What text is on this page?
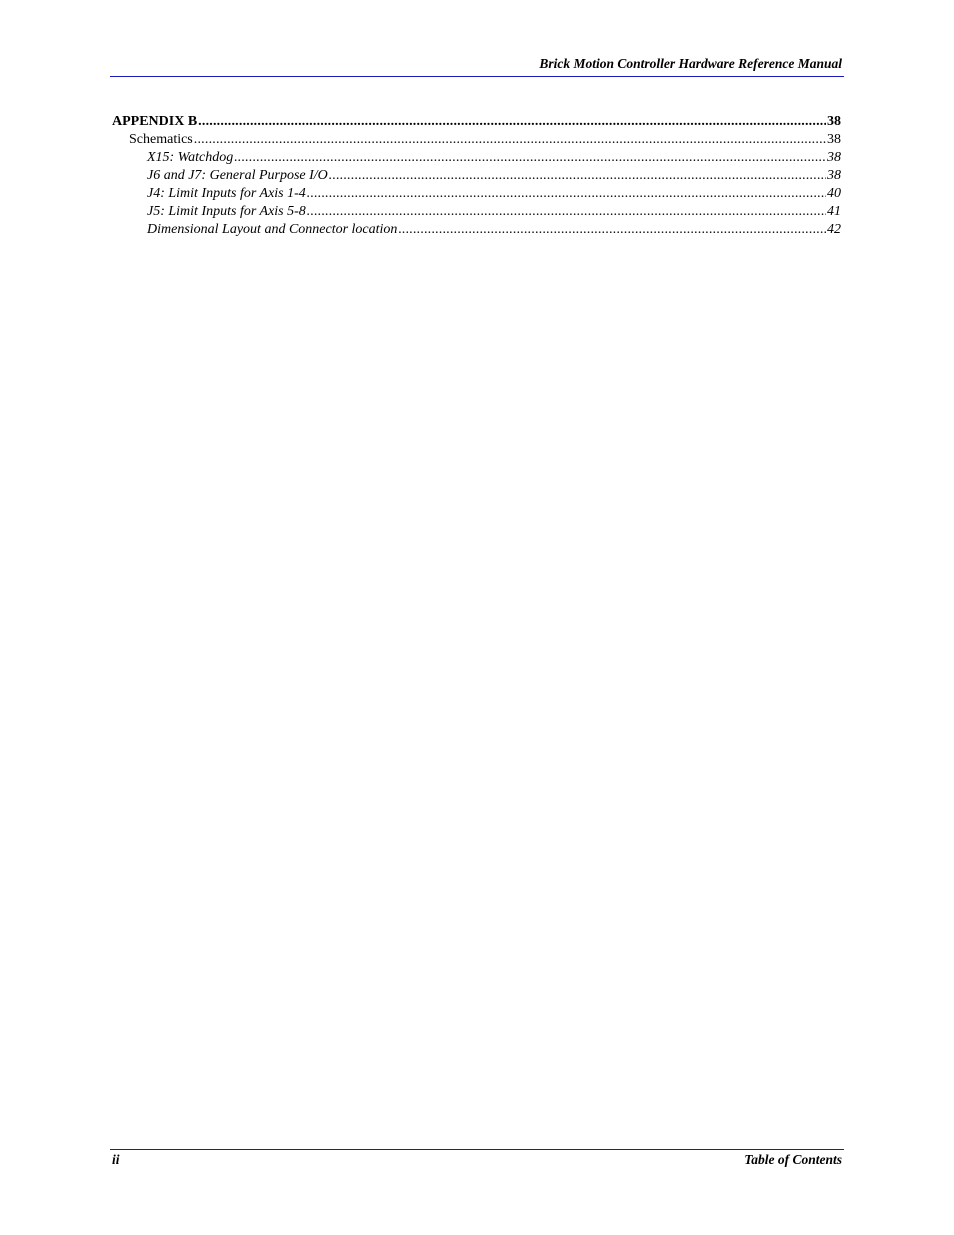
Brick Motion Controller Hardware Reference Manual
APPENDIX B .....	38
Schematics .....	38
X15: Watchdog .....	38
J6 and J7: General Purpose I/O .....	38
J4: Limit Inputs for Axis 1-4 .....	40
J5: Limit Inputs for Axis 5-8 .....	41
Dimensional Layout and Connector location .....	42
ii	Table of Contents
